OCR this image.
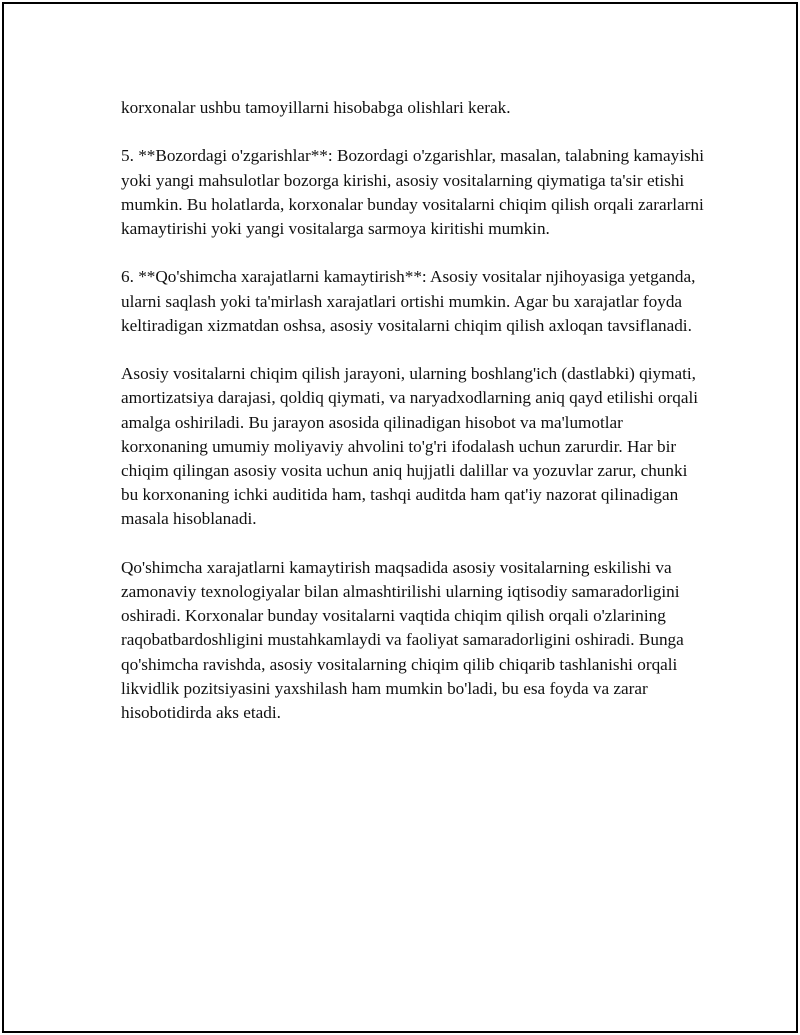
korxonalar ushbu tamoyillarni hisobabga olishlari kerak.

5. **Bozordagi o'zgarishlar**: Bozordagi o'zgarishlar, masalan, talabning kamayishi yoki yangi mahsulotlar bozorga kirishi, asosiy vositalarning qiymatiga ta'sir etishi mumkin. Bu holatlarda, korxonalar bunday vositalarni chiqim qilish orqali zararlarni kamaytirishi yoki yangi vositalarga sarmoya kiritishi mumkin.

6. **Qo'shimcha xarajatlarni kamaytirish**: Asosiy vositalar njihoyasiga yetganda, ularni saqlash yoki ta'mirlash xarajatlari ortishi mumkin. Agar bu xarajatlar foyda keltiradigan xizmatdan oshsa, asosiy vositalarni chiqim qilish axloqan tavsiflanadi.

Asosiy vositalarni chiqim qilish jarayoni, ularning boshlang'ich (dastlabki) qiymati, amortizatsiya darajasi, qoldiq qiymati, va naryadxodlarning aniq qayd etilishi orqali amalga oshiriladi. Bu jarayon asosida qilinadigan hisobot va ma'lumotlar korxonaning umumiy moliyaviy ahvolini to'g'ri ifodalash uchun zarurdir. Har bir chiqim qilingan asosiy vosita uchun aniq hujjatli dalillar va yozuvlar zarur, chunki bu korxonaning ichki auditida ham, tashqi auditda ham qat'iy nazorat qilinadigan masala hisoblanadi.

Qo'shimcha xarajatlarni kamaytirish maqsadida asosiy vositalarning eskilishi va zamonaviy texnologiyalar bilan almashtirilishi ularning iqtisodiy samaradorligini oshiradi. Korxonalar bunday vositalarni vaqtida chiqim qilish orqali o'zlarining raqobatbardoshligini mustahkamlaydi va faoliyat samaradorligini oshiradi. Bunga qo'shimcha ravishda, asosiy vositalarning chiqim qilib chiqarib tashlanishi orqali likvidlik pozitsiyasini yaxshilash ham mumkin bo'ladi, bu esa foyda va zarar hisobotidirda aks etadi.
